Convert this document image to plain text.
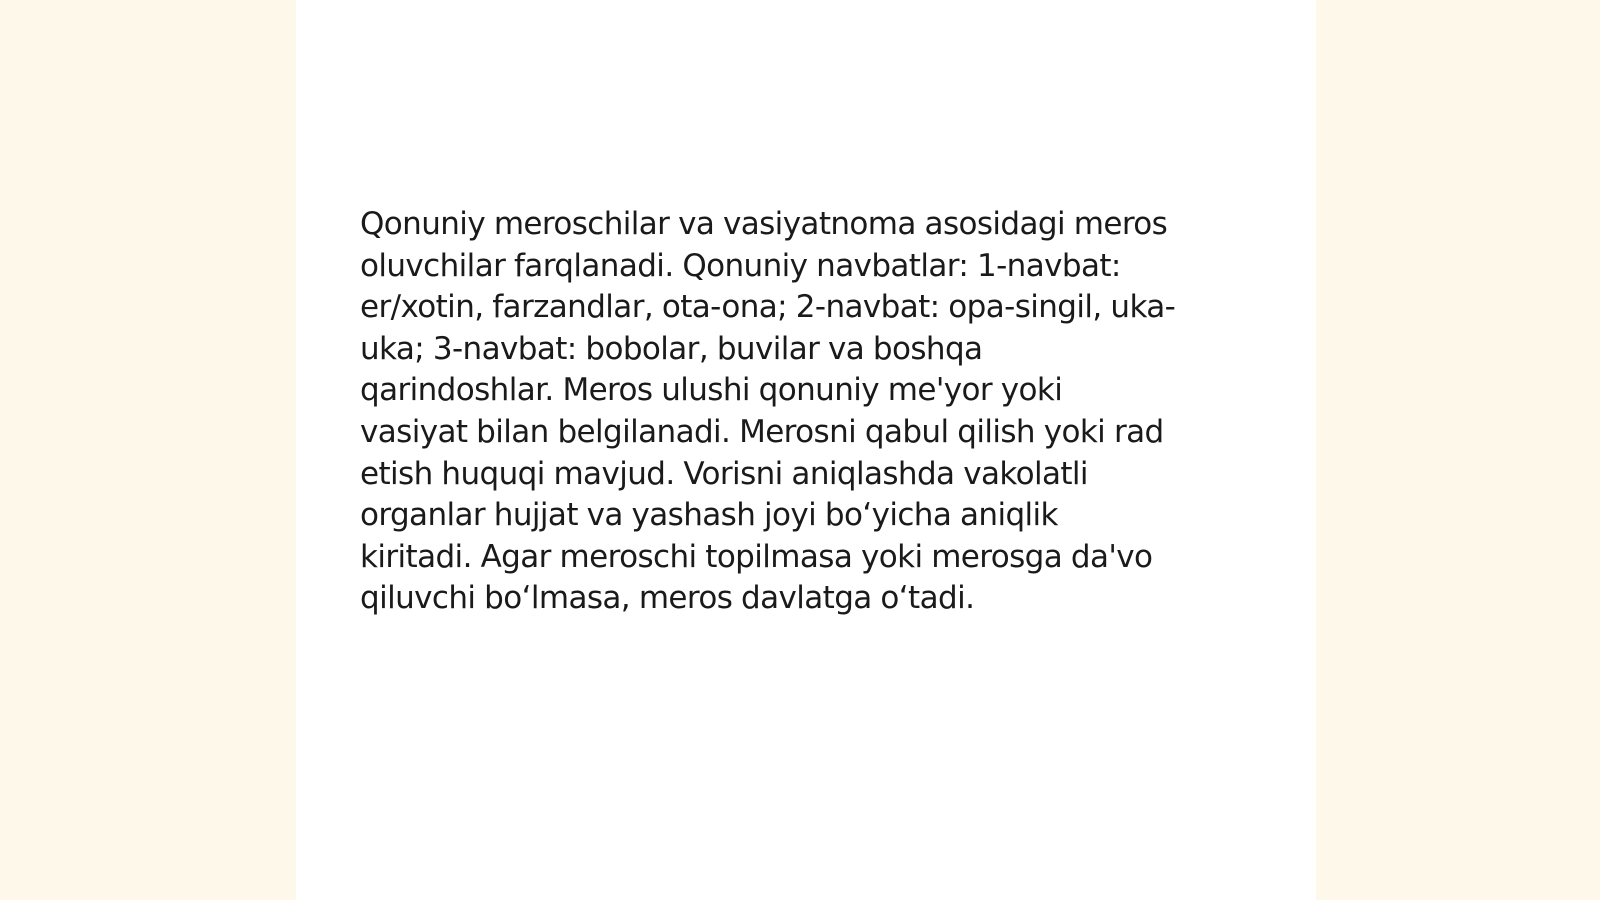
Qonuniy meroschilar va vasiyatnoma asosidagi meros
oluvchilar farqlanadi. Qonuniy navbatlar: 1-navbat:
er/xotin, farzandlar, ota-ona; 2-navbat: opa-singil, uka-
uka; 3-navbat: bobolar, buvilar va boshqa
qarindoshlar. Meros ulushi qonuniy me'yor yoki
vasiyat bilan belgilanadi. Merosni qabul qilish yoki rad
etish huquqi mavjud. Vorisni aniqlashda vakolatli
organlar hujjat va yashash joyi bo‘yicha aniqlik
kiritadi. Agar meroschi topilmasa yoki merosga da'vo
qiluvchi bo‘lmasa, meros davlatga o‘tadi.
